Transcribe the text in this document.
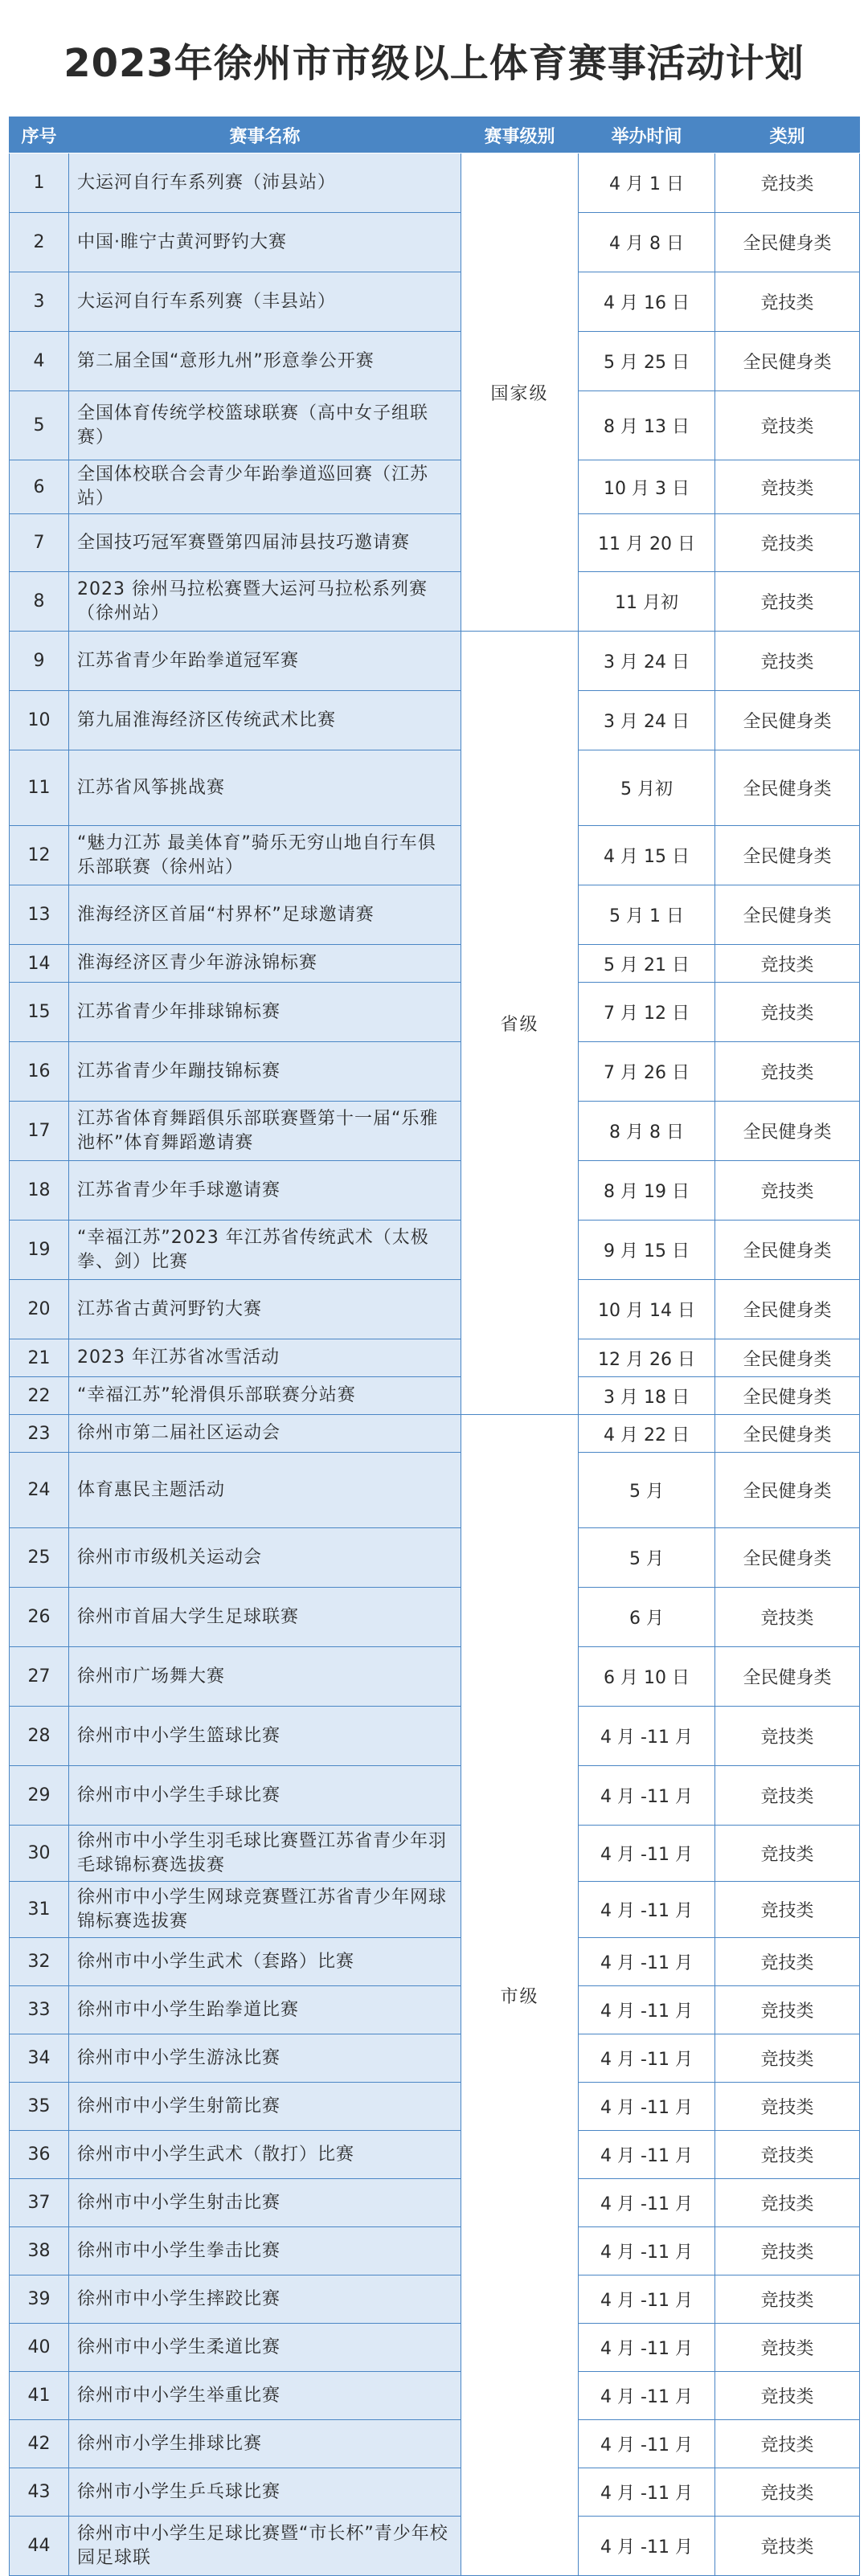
2023年徐州市市级以上体育赛事活动计划
序号	赛事名称	赛事级别	举办时间	类别
1	大运河自行车系列赛（沛县站）	国家级	4 月 1 日	竞技类
2	中国·睢宁古黄河野钓大赛		4 月 8 日	全民健身类
3	大运河自行车系列赛（丰县站）		4 月 16 日	竞技类
4	第二届全国“意形九州”形意拳公开赛		5 月 25 日	全民健身类
5	全国体育传统学校篮球联赛（高中女子组联赛）		8 月 13 日	竞技类
6	全国体校联合会青少年跆拳道巡回赛（江苏站）		10 月 3 日	竞技类
7	全国技巧冠军赛暨第四届沛县技巧邀请赛		11 月 20 日	竞技类
8	2023 徐州马拉松赛暨大运河马拉松系列赛（徐州站）		11 月初	竞技类
9	江苏省青少年跆拳道冠军赛	省级	3 月 24 日	竞技类
10	第九届淮海经济区传统武术比赛		3 月 24 日	全民健身类
11	江苏省风筝挑战赛		5 月初	全民健身类
12	“魅力江苏 最美体育”骑乐无穷山地自行车俱乐部联赛（徐州站）		4 月 15 日	全民健身类
13	淮海经济区首届“村界杯”足球邀请赛		5 月 1 日	全民健身类
14	淮海经济区青少年游泳锦标赛		5 月 21 日	竞技类
15	江苏省青少年排球锦标赛		7 月 12 日	竞技类
16	江苏省青少年蹦技锦标赛		7 月 26 日	竞技类
17	江苏省体育舞蹈俱乐部联赛暨第十一届“乐雅池杯”体育舞蹈邀请赛		8 月 8 日	全民健身类
18	江苏省青少年手球邀请赛		8 月 19 日	竞技类
19	“幸福江苏”2023 年江苏省传统武术（太极拳、剑）比赛		9 月 15 日	全民健身类
20	江苏省古黄河野钓大赛		10 月 14 日	全民健身类
21	2023 年江苏省冰雪活动		12 月 26 日	全民健身类
22	“幸福江苏”轮滑俱乐部联赛分站赛		3 月 18 日	全民健身类
23	徐州市第二届社区运动会	市级	4 月 22 日	全民健身类
24	体育惠民主题活动		5 月	全民健身类
25	徐州市市级机关运动会		5 月	全民健身类
26	徐州市首届大学生足球联赛		6 月	竞技类
27	徐州市广场舞大赛		6 月 10 日	全民健身类
28	徐州市中小学生篮球比赛		4 月 -11 月	竞技类
29	徐州市中小学生手球比赛		4 月 -11 月	竞技类
30	徐州市中小学生羽毛球比赛暨江苏省青少年羽毛球锦标赛选拔赛		4 月 -11 月	竞技类
31	徐州市中小学生网球竞赛暨江苏省青少年网球锦标赛选拔赛		4 月 -11 月	竞技类
32	徐州市中小学生武术（套路）比赛		4 月 -11 月	竞技类
33	徐州市中小学生跆拳道比赛		4 月 -11 月	竞技类
34	徐州市中小学生游泳比赛		4 月 -11 月	竞技类
35	徐州市中小学生射箭比赛		4 月 -11 月	竞技类
36	徐州市中小学生武术（散打）比赛		4 月 -11 月	竞技类
37	徐州市中小学生射击比赛		4 月 -11 月	竞技类
38	徐州市中小学生拳击比赛		4 月 -11 月	竞技类
39	徐州市中小学生摔跤比赛		4 月 -11 月	竞技类
40	徐州市中小学生柔道比赛		4 月 -11 月	竞技类
41	徐州市中小学生举重比赛		4 月 -11 月	竞技类
42	徐州市小学生排球比赛		4 月 -11 月	竞技类
43	徐州市小学生乒乓球比赛		4 月 -11 月	竞技类
44	徐州市中小学生足球比赛暨“市长杯”青少年校园足球联		4 月 -11 月	竞技类
